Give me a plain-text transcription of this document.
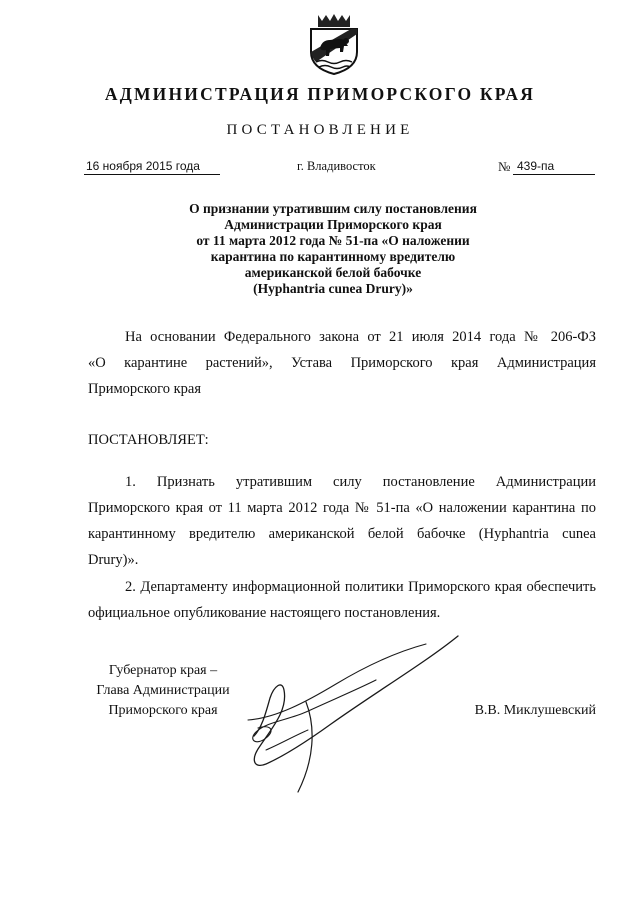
АДМИНИСТРАЦИЯ ПРИМОРСКОГО КРАЯ
ПОСТАНОВЛЕНИЕ
16 ноября 2015 года	г. Владивосток	№ 439-па
О признании утратившим силу постановления
Администрации Приморского края
от 11 марта 2012 года № 51-па «О наложении
карантина по карантинному вредителю
американской белой бабочке
(Hyphantria cunea Drury)»
На основании Федерального закона от 21 июля 2014 года № 206-ФЗ
«О карантине растений», Устава Приморского края Администрация
Приморского края
ПОСТАНОВЛЯЕТ:
1. Признать утратившим силу постановление Администрации
Приморского края от 11 марта 2012 года № 51-па «О наложении карантина по
карантинному вредителю американской белой бабочке (Hyphantria cunea
Drury)».
2. Департаменту информационной политики Приморского края обеспечить
официальное опубликование настоящего постановления.
Губернатор края –
Глава Администрации
Приморского края	В.В. Миклушевский
